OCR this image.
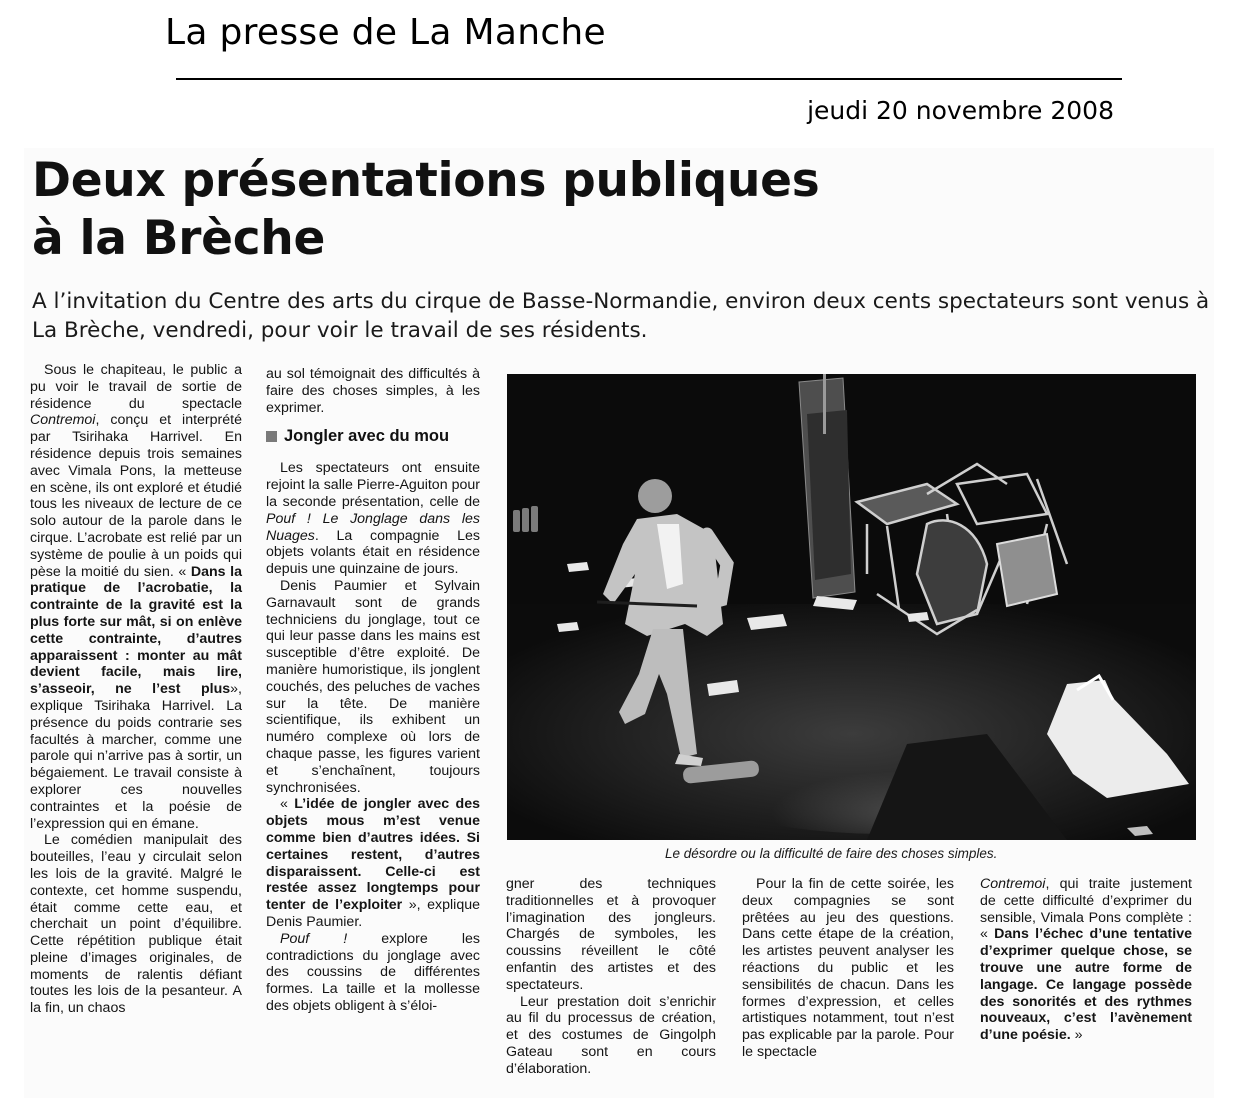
La presse de La Manche
jeudi 20 novembre 2008
Deux présentations publiques
à la Brèche

A l’invitation du Centre des arts du cirque de Basse-Normandie, environ deux cents spectateurs sont venus à La Brèche, vendredi, pour voir le travail de ses résidents.

Sous le chapiteau, le public a pu voir le travail de sortie de résidence du spectacle Contremoi, conçu et interprété par Tsirihaka Harrivel. En résidence depuis trois semaines avec Vimala Pons, la metteuse en scène, ils ont exploré et étudié tous les niveaux de lecture de ce solo autour de la parole dans le cirque. L’acrobate est relié par un système de poulie à un poids qui pèse la moitié du sien. « Dans la pratique de l’acrobatie, la contrainte de la gravité est la plus forte sur mât, si on enlève cette contrainte, d’autres apparaissent : monter au mât devient facile, mais lire, s’asseoir, ne l’est plus», explique Tsirihaka Harrivel. La présence du poids contrarie ses facultés à marcher, comme une parole qui n’arrive pas à sortir, un bégaiement. Le travail consiste à explorer ces nouvelles contraintes et la poésie de l’expression qui en émane.

Le comédien manipulait des bouteilles, l’eau y circulait selon les lois de la gravité. Malgré le contexte, cet homme suspendu, était comme cette eau, et cherchait un point d’équilibre. Cette répétition publique était pleine d’images originales, de moments de ralentis défiant toutes les lois de la pesanteur. A la fin, un chaos

au sol témoignait des difficultés à faire des choses simples, à les exprimer.

Jongler avec du mou

Les spectateurs ont ensuite rejoint la salle Pierre-Aguiton pour la seconde présentation, celle de Pouf ! Le Jonglage dans les Nuages. La compagnie Les objets volants était en résidence depuis une quinzaine de jours.

Denis Paumier et Sylvain Garnavault sont de grands techniciens du jonglage, tout ce qui leur passe dans les mains est susceptible d’être exploité. De manière humoristique, ils jonglent couchés, des peluches de vaches sur la tête. De manière scientifique, ils exhibent un numéro complexe où lors de chaque passe, les figures varient et s’enchaînent, toujours synchronisées.

« L’idée de jongler avec des objets mous m’est venue comme bien d’autres idées. Si certaines restent, d’autres disparaissent. Celle-ci est restée assez longtemps pour tenter de l’exploiter », explique Denis Paumier.

Pouf ! explore les contradictions du jonglage avec des coussins de différentes formes. La taille et la mollesse des objets obligent à s’éloi-

Le désordre ou la difficulté de faire des choses simples.

gner des techniques traditionnelles et à provoquer l’imagination des jongleurs. Chargés de symboles, les coussins réveillent le côté enfantin des artistes et des spectateurs.

Leur prestation doit s’enrichir au fil du processus de création, et des costumes de Gingolph Gateau sont en cours d’élaboration.

Pour la fin de cette soirée, les deux compagnies se sont prêtées au jeu des questions. Dans cette étape de la création, les artistes peuvent analyser les réactions du public et les sensibilités de chacun. Dans les formes d’expression, et celles artistiques notamment, tout n’est pas explicable par la parole. Pour le spectacle

Contremoi, qui traite justement de cette difficulté d’exprimer du sensible, Vimala Pons complète : « Dans l’échec d’une tentative d’exprimer quelque chose, se trouve une autre forme de langage. Ce langage possède des sonorités et des rythmes nouveaux, c’est l’avènement d’une poésie. »
